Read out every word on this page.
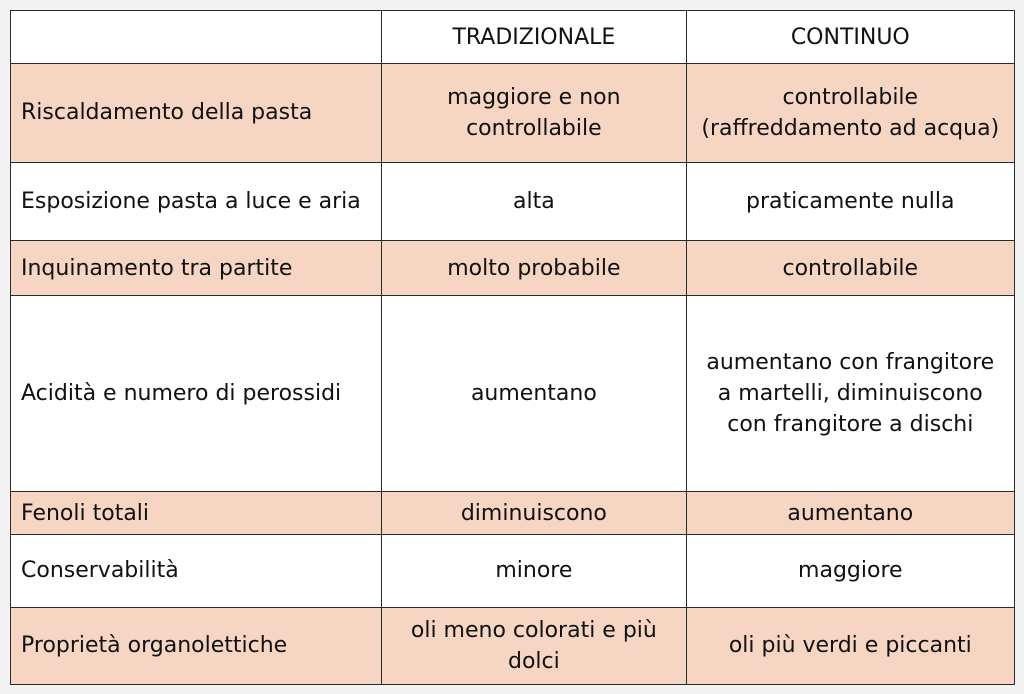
	TRADIZIONALE	CONTINUO
Riscaldamento della pasta	maggiore e non controllabile	controllabile (raffreddamento ad acqua)
Esposizione pasta a luce e aria	alta	praticamente nulla
Inquinamento tra partite	molto probabile	controllabile
Acidità e numero di perossidi	aumentano	aumentano con frangitore a martelli, diminuiscono con frangitore a dischi
Fenoli totali	diminuiscono	aumentano
Conservabilità	minore	maggiore
Proprietà organolettiche	oli meno colorati e più dolci	oli più verdi e piccanti
